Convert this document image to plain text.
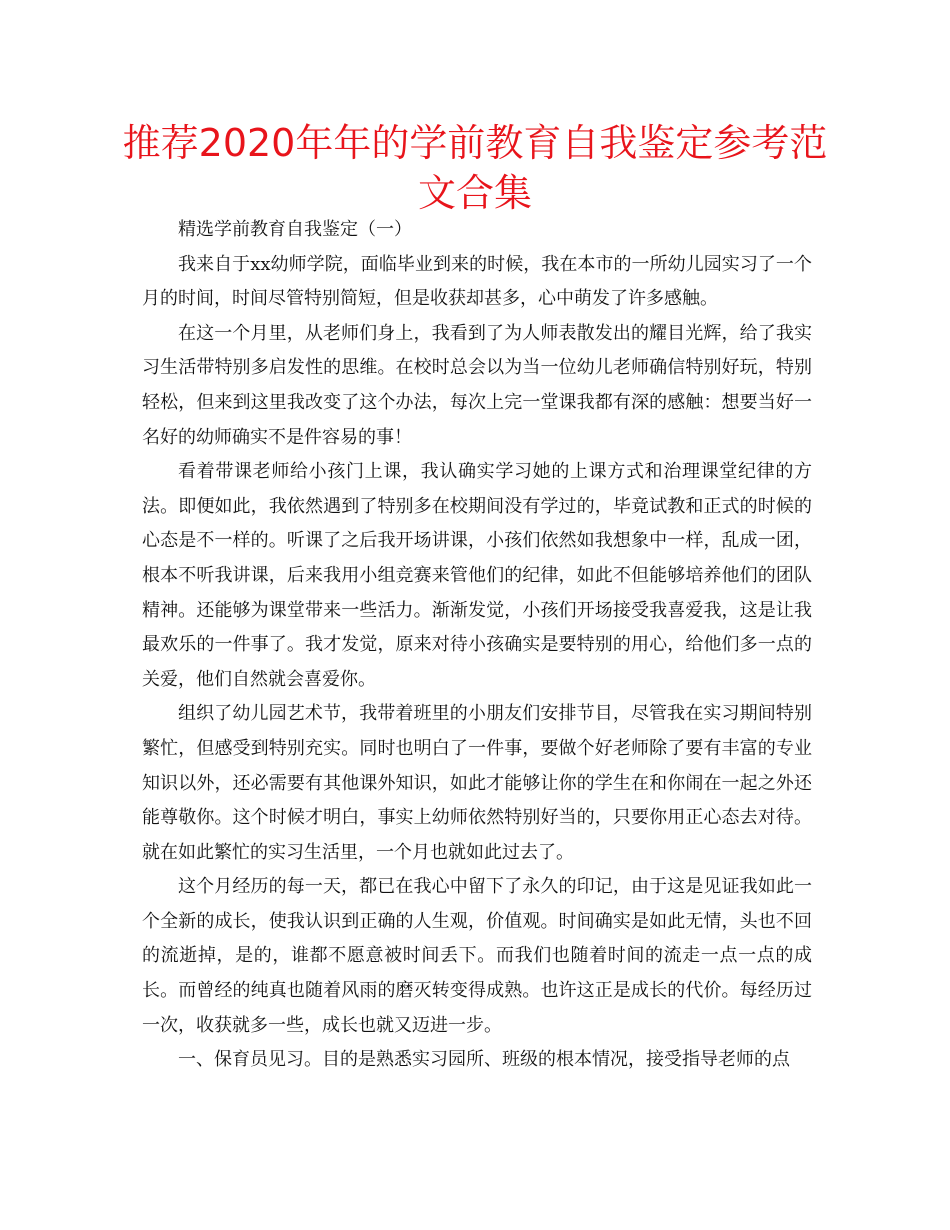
推荐2020年年的学前教育自我鉴定参考范文合集

精选学前教育自我鉴定（一）

我来自于xx幼师学院，面临毕业到来的时候，我在本市的一所幼儿园实习了一个月的时间，时间尽管特别简短，但是收获却甚多，心中萌发了许多感触。

在这一个月里，从老师们身上，我看到了为人师表散发出的耀目光辉，给了我实习生活带特别多启发性的思维。在校时总会以为当一位幼儿老师确信特别好玩，特别轻松，但来到这里我改变了这个办法，每次上完一堂课我都有深的感触：想要当好一名好的幼师确实不是件容易的事！

看着带课老师给小孩门上课，我认确实学习她的上课方式和治理课堂纪律的方法。即便如此，我依然遇到了特别多在校期间没有学过的，毕竟试教和正式的时候的心态是不一样的。听课了之后我开场讲课，小孩们依然如我想象中一样，乱成一团，根本不听我讲课，后来我用小组竞赛来管他们的纪律，如此不但能够培养他们的团队精神。还能够为课堂带来一些活力。渐渐发觉，小孩们开场接受我喜爱我，这是让我最欢乐的一件事了。我才发觉，原来对待小孩确实是要特别的用心，给他们多一点的关爱，他们自然就会喜爱你。

组织了幼儿园艺术节，我带着班里的小朋友们安排节目，尽管我在实习期间特别繁忙，但感受到特别充实。同时也明白了一件事，要做个好老师除了要有丰富的专业知识以外，还必需要有其他课外知识，如此才能够让你的学生在和你闹在一起之外还能尊敬你。这个时候才明白，事实上幼师依然特别好当的，只要你用正心态去对待。就在如此繁忙的实习生活里，一个月也就如此过去了。

这个月经历的每一天，都已在我心中留下了永久的印记，由于这是见证我如此一个全新的成长，使我认识到正确的人生观，价值观。时间确实是如此无情，头也不回的流逝掉，是的，谁都不愿意被时间丢下。而我们也随着时间的流走一点一点的成长。而曾经的纯真也随着风雨的磨灭转变得成熟。也许这正是成长的代价。每经历过一次，收获就多一些，成长也就又迈进一步。

一、保育员见习。目的是熟悉实习园所、班级的根本情况，接受指导老师的点
